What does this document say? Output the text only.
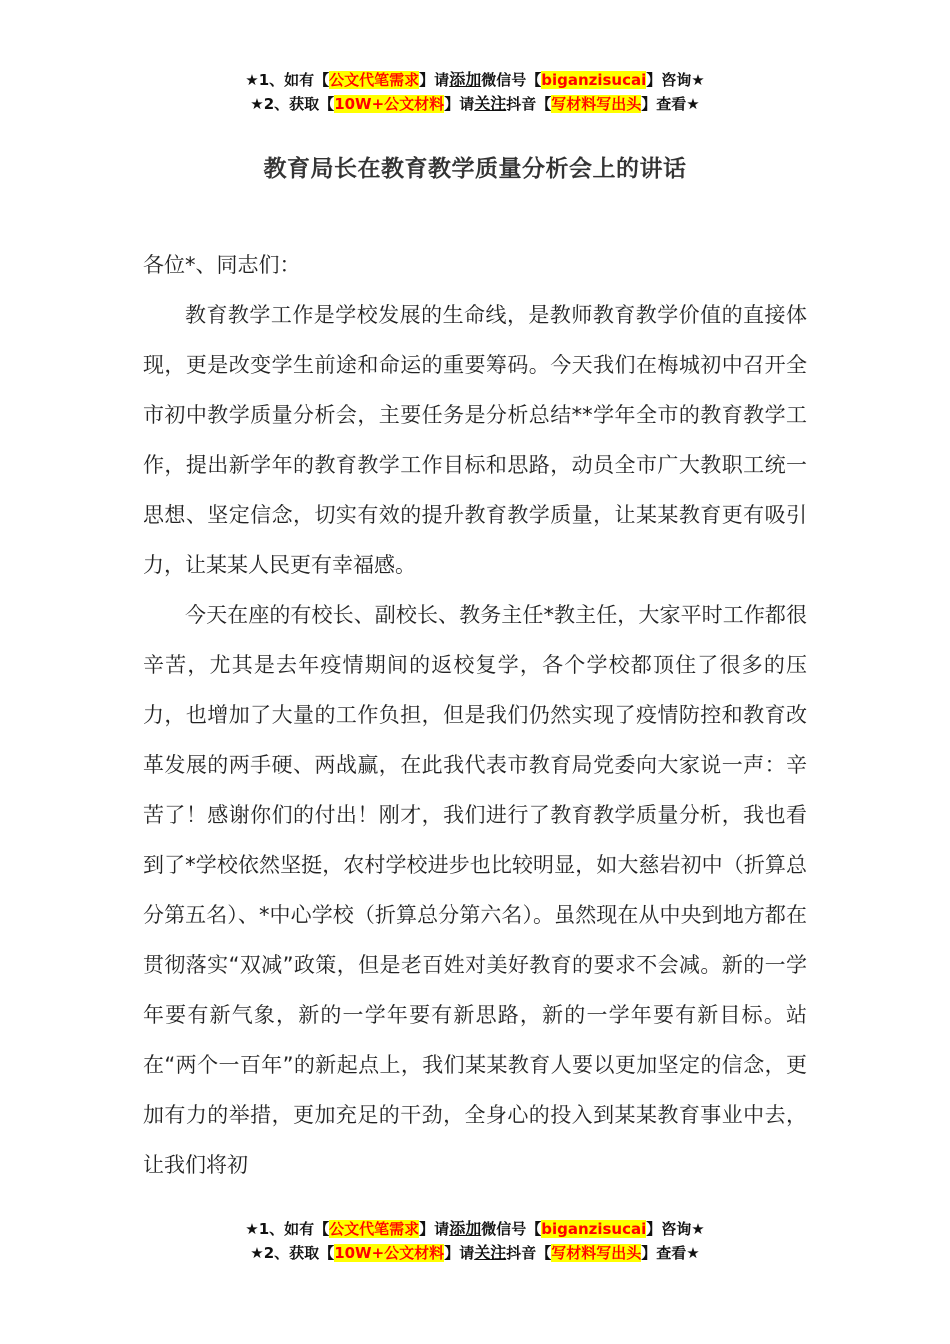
★1、如有【公文代笔需求】请添加微信号【biganzisucai】咨询★
★2、获取【10W+公文材料】请关注抖音【写材料写出头】查看★
教育局长在教育教学质量分析会上的讲话

各位*、同志们：

教育教学工作是学校发展的生命线，是教师教育教学价值的直接体现，更是改变学生前途和命运的重要筹码。今天我们在梅城初中召开全市初中教学质量分析会，主要任务是分析总结**学年全市的教育教学工作，提出新学年的教育教学工作目标和思路，动员全市广大教职工统一思想、坚定信念，切实有效的提升教育教学质量，让某某教育更有吸引力，让某某人民更有幸福感。

今天在座的有校长、副校长、教务主任*教主任，大家平时工作都很辛苦，尤其是去年疫情期间的返校复学，各个学校都顶住了很多的压力，也增加了大量的工作负担，但是我们仍然实现了疫情防控和教育改革发展的两手硬、两战赢，在此我代表市教育局党委向大家说一声：辛苦了！感谢你们的付出！刚才，我们进行了教育教学质量分析，我也看到了*学校依然坚挺，农村学校进步也比较明显，如大慈岩初中（折算总分第五名）、*中心学校（折算总分第六名）。虽然现在从中央到地方都在贯彻落实“双减”政策，但是老百姓对美好教育的要求不会减。新的一学年要有新气象，新的一学年要有新思路，新的一学年要有新目标。站在“两个一百年”的新起点上，我们某某教育人要以更加坚定的信念，更加有力的举措，更加充足的干劲，全身心的投入到某某教育事业中去，让我们将初

★1、如有【公文代笔需求】请添加微信号【biganzisucai】咨询★
★2、获取【10W+公文材料】请关注抖音【写材料写出头】查看★
